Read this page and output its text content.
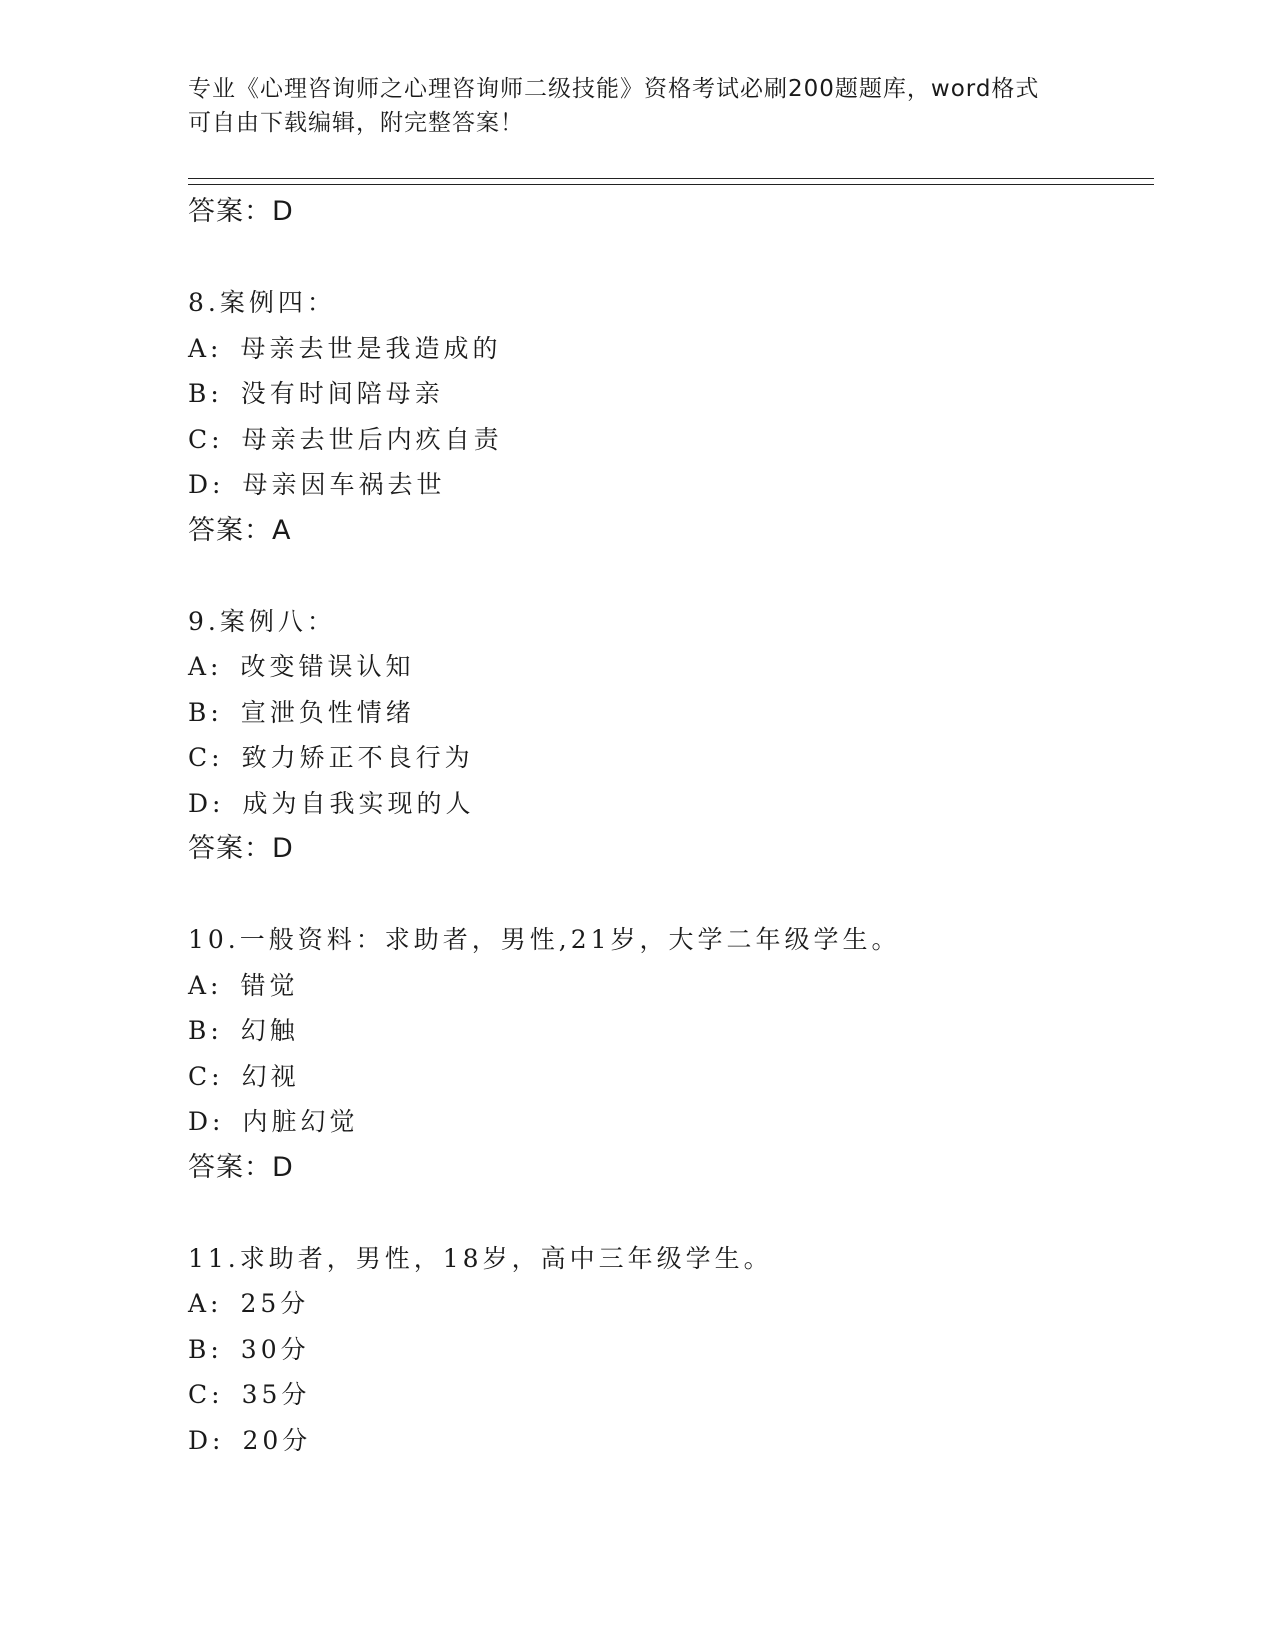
专业《心理咨询师之心理咨询师二级技能》资格考试必刷200题题库，word格式
可自由下载编辑，附完整答案！
答案：D
8.案例四：
A: 母亲去世是我造成的
B: 没有时间陪母亲
C: 母亲去世后内疚自责
D: 母亲因车祸去世
答案：A
9.案例八：
A: 改变错误认知
B: 宣泄负性情绪
C: 致力矫正不良行为
D: 成为自我实现的人
答案：D
10.一般资料：求助者，男性,21岁，大学二年级学生。
A: 错觉
B: 幻触
C: 幻视
D: 内脏幻觉
答案：D
11.求助者，男性，18岁，高中三年级学生。
A: 25分
B: 30分
C: 35分
D: 20分
